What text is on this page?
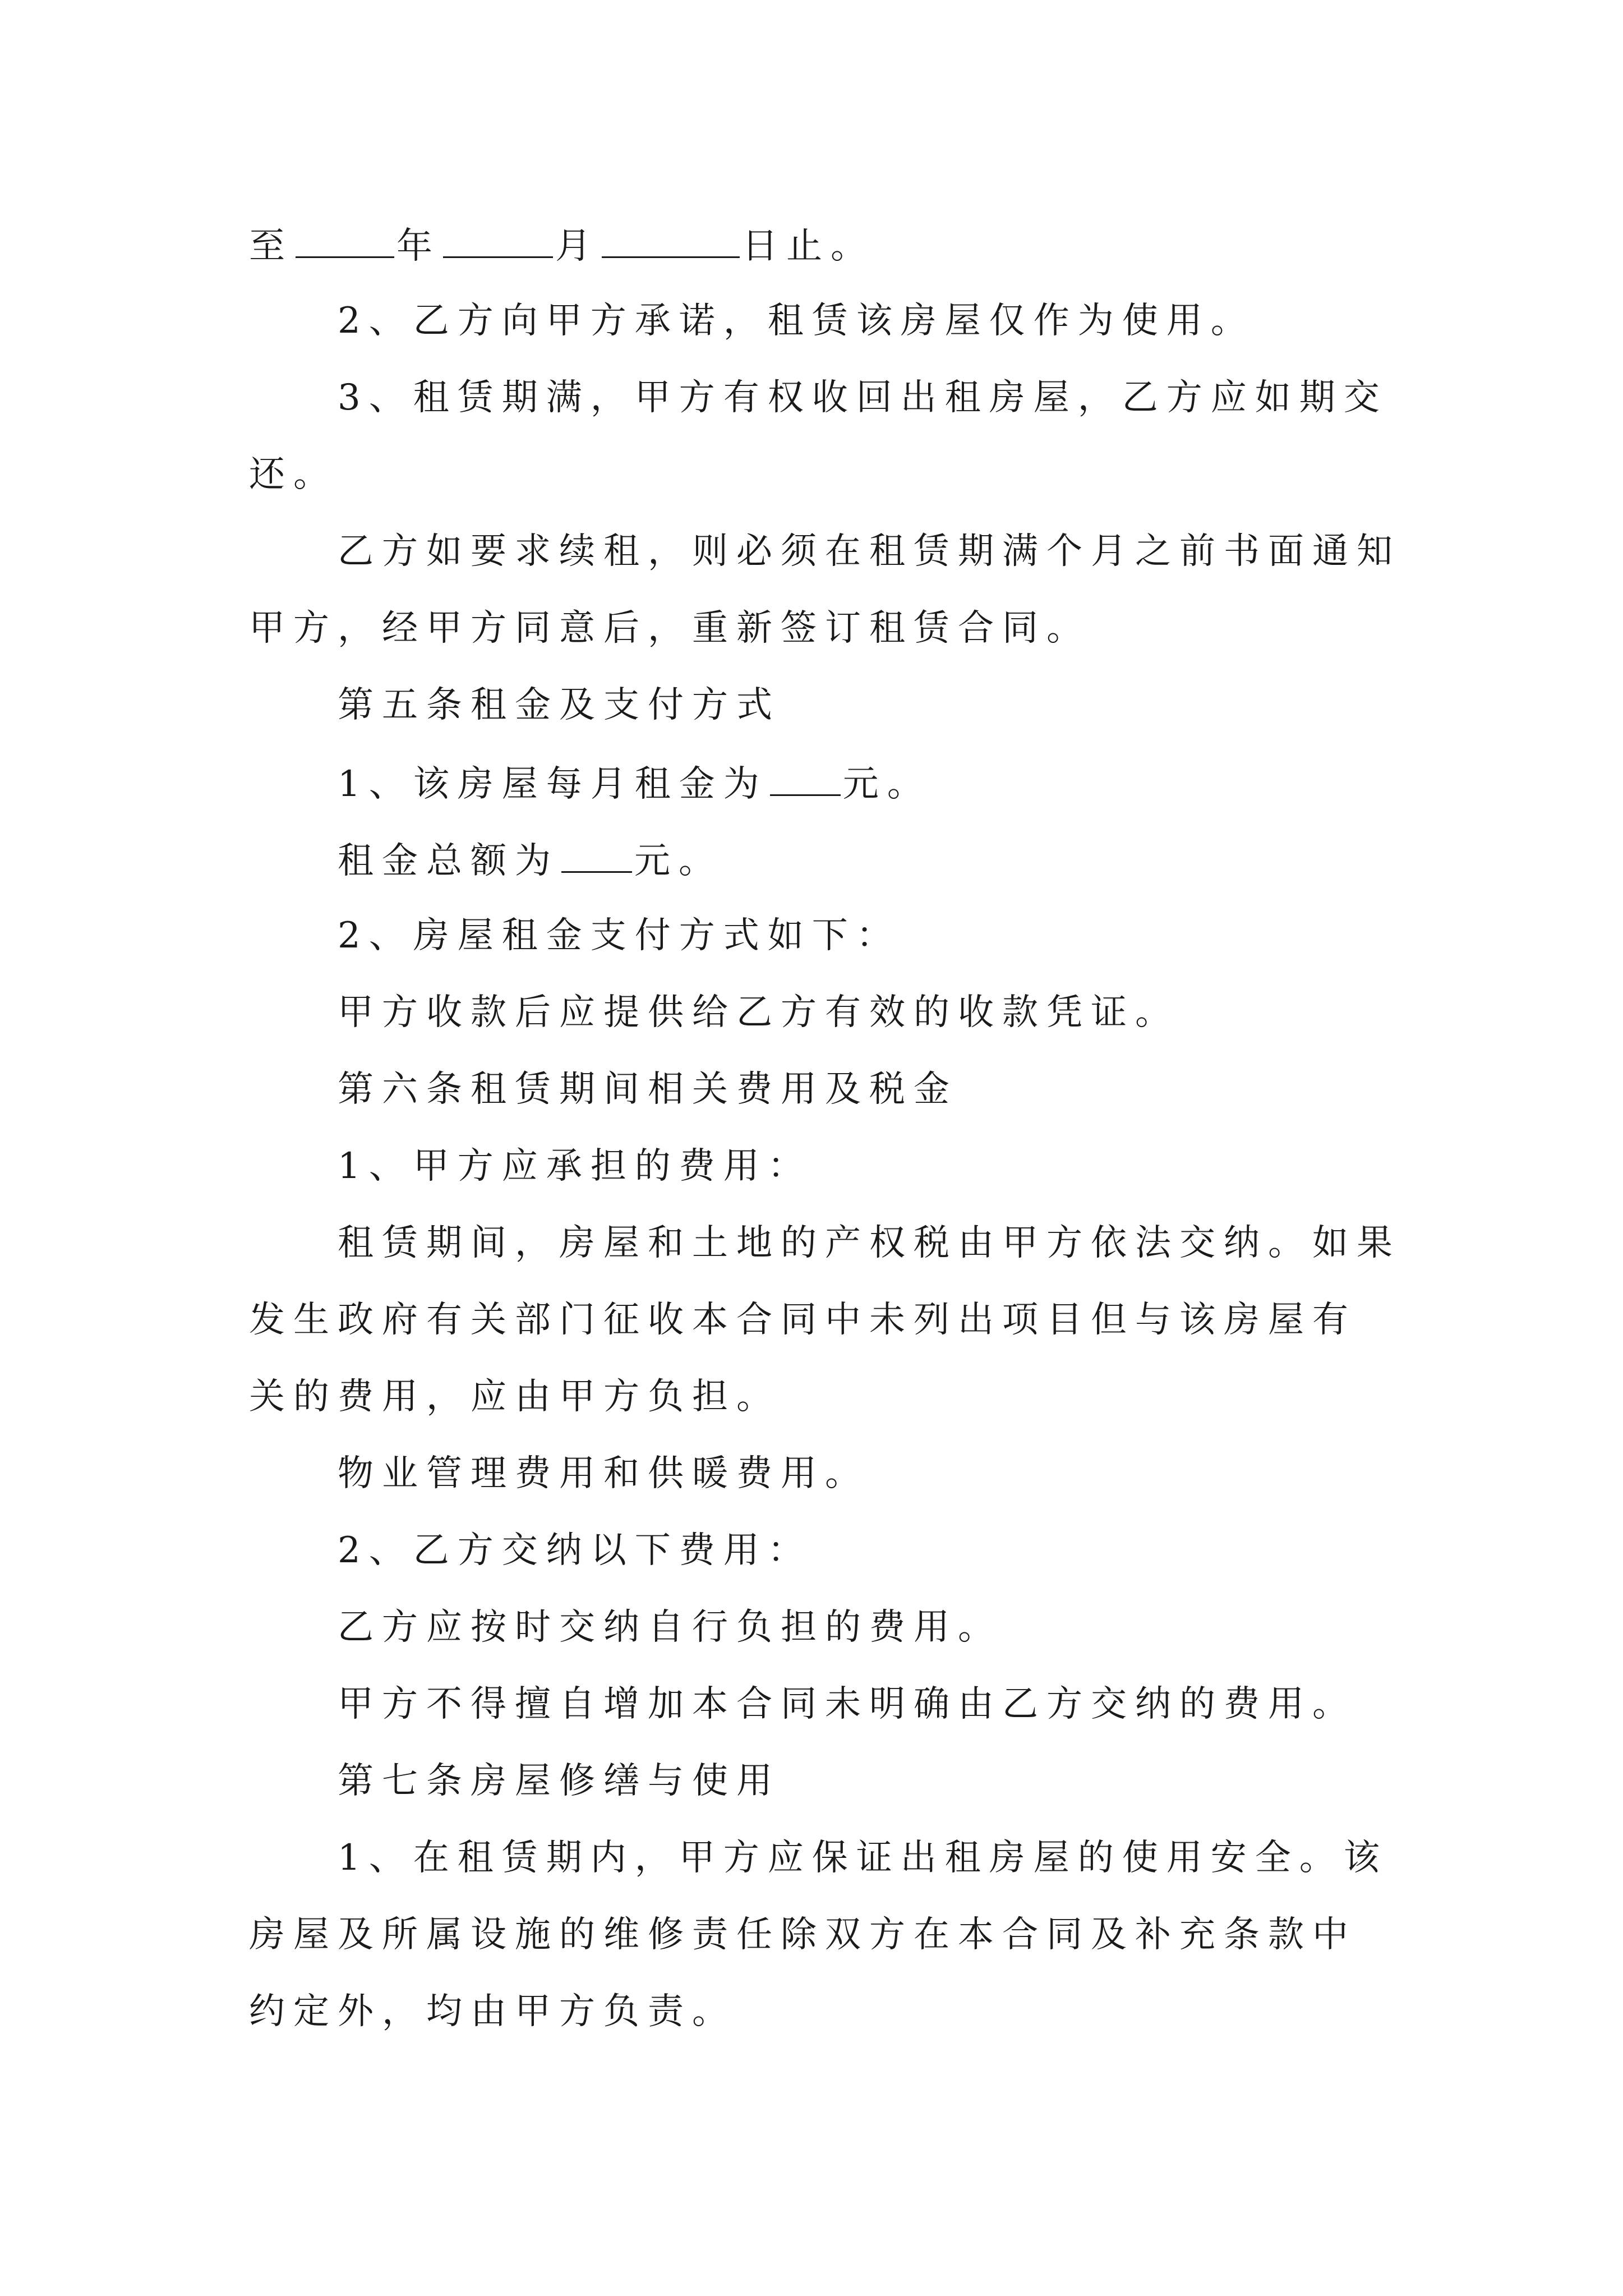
至	年	月	日止。
2、乙方向甲方承诺，租赁该房屋仅作为使用。
3、租赁期满，甲方有权收回出租房屋，乙方应如期交
还。
乙方如要求续租，则必须在租赁期满个月之前书面通知
甲方，经甲方同意后，重新签订租赁合同。
第五条租金及支付方式
1、该房屋每月租金为 元。
租金总额为 元。
2、房屋租金支付方式如下：
甲方收款后应提供给乙方有效的收款凭证。
第六条租赁期间相关费用及税金
1、甲方应承担的费用：
租赁期间，房屋和土地的产权税由甲方依法交纳。如果
发生政府有关部门征收本合同中未列出项目但与该房屋有
关的费用，应由甲方负担。
物业管理费用和供暖费用。
2、乙方交纳以下费用：
乙方应按时交纳自行负担的费用。
甲方不得擅自增加本合同未明确由乙方交纳的费用。
第七条房屋修缮与使用
1、在租赁期内，甲方应保证出租房屋的使用安全。该
房屋及所属设施的维修责任除双方在本合同及补充条款中
约定外，均由甲方负责。
